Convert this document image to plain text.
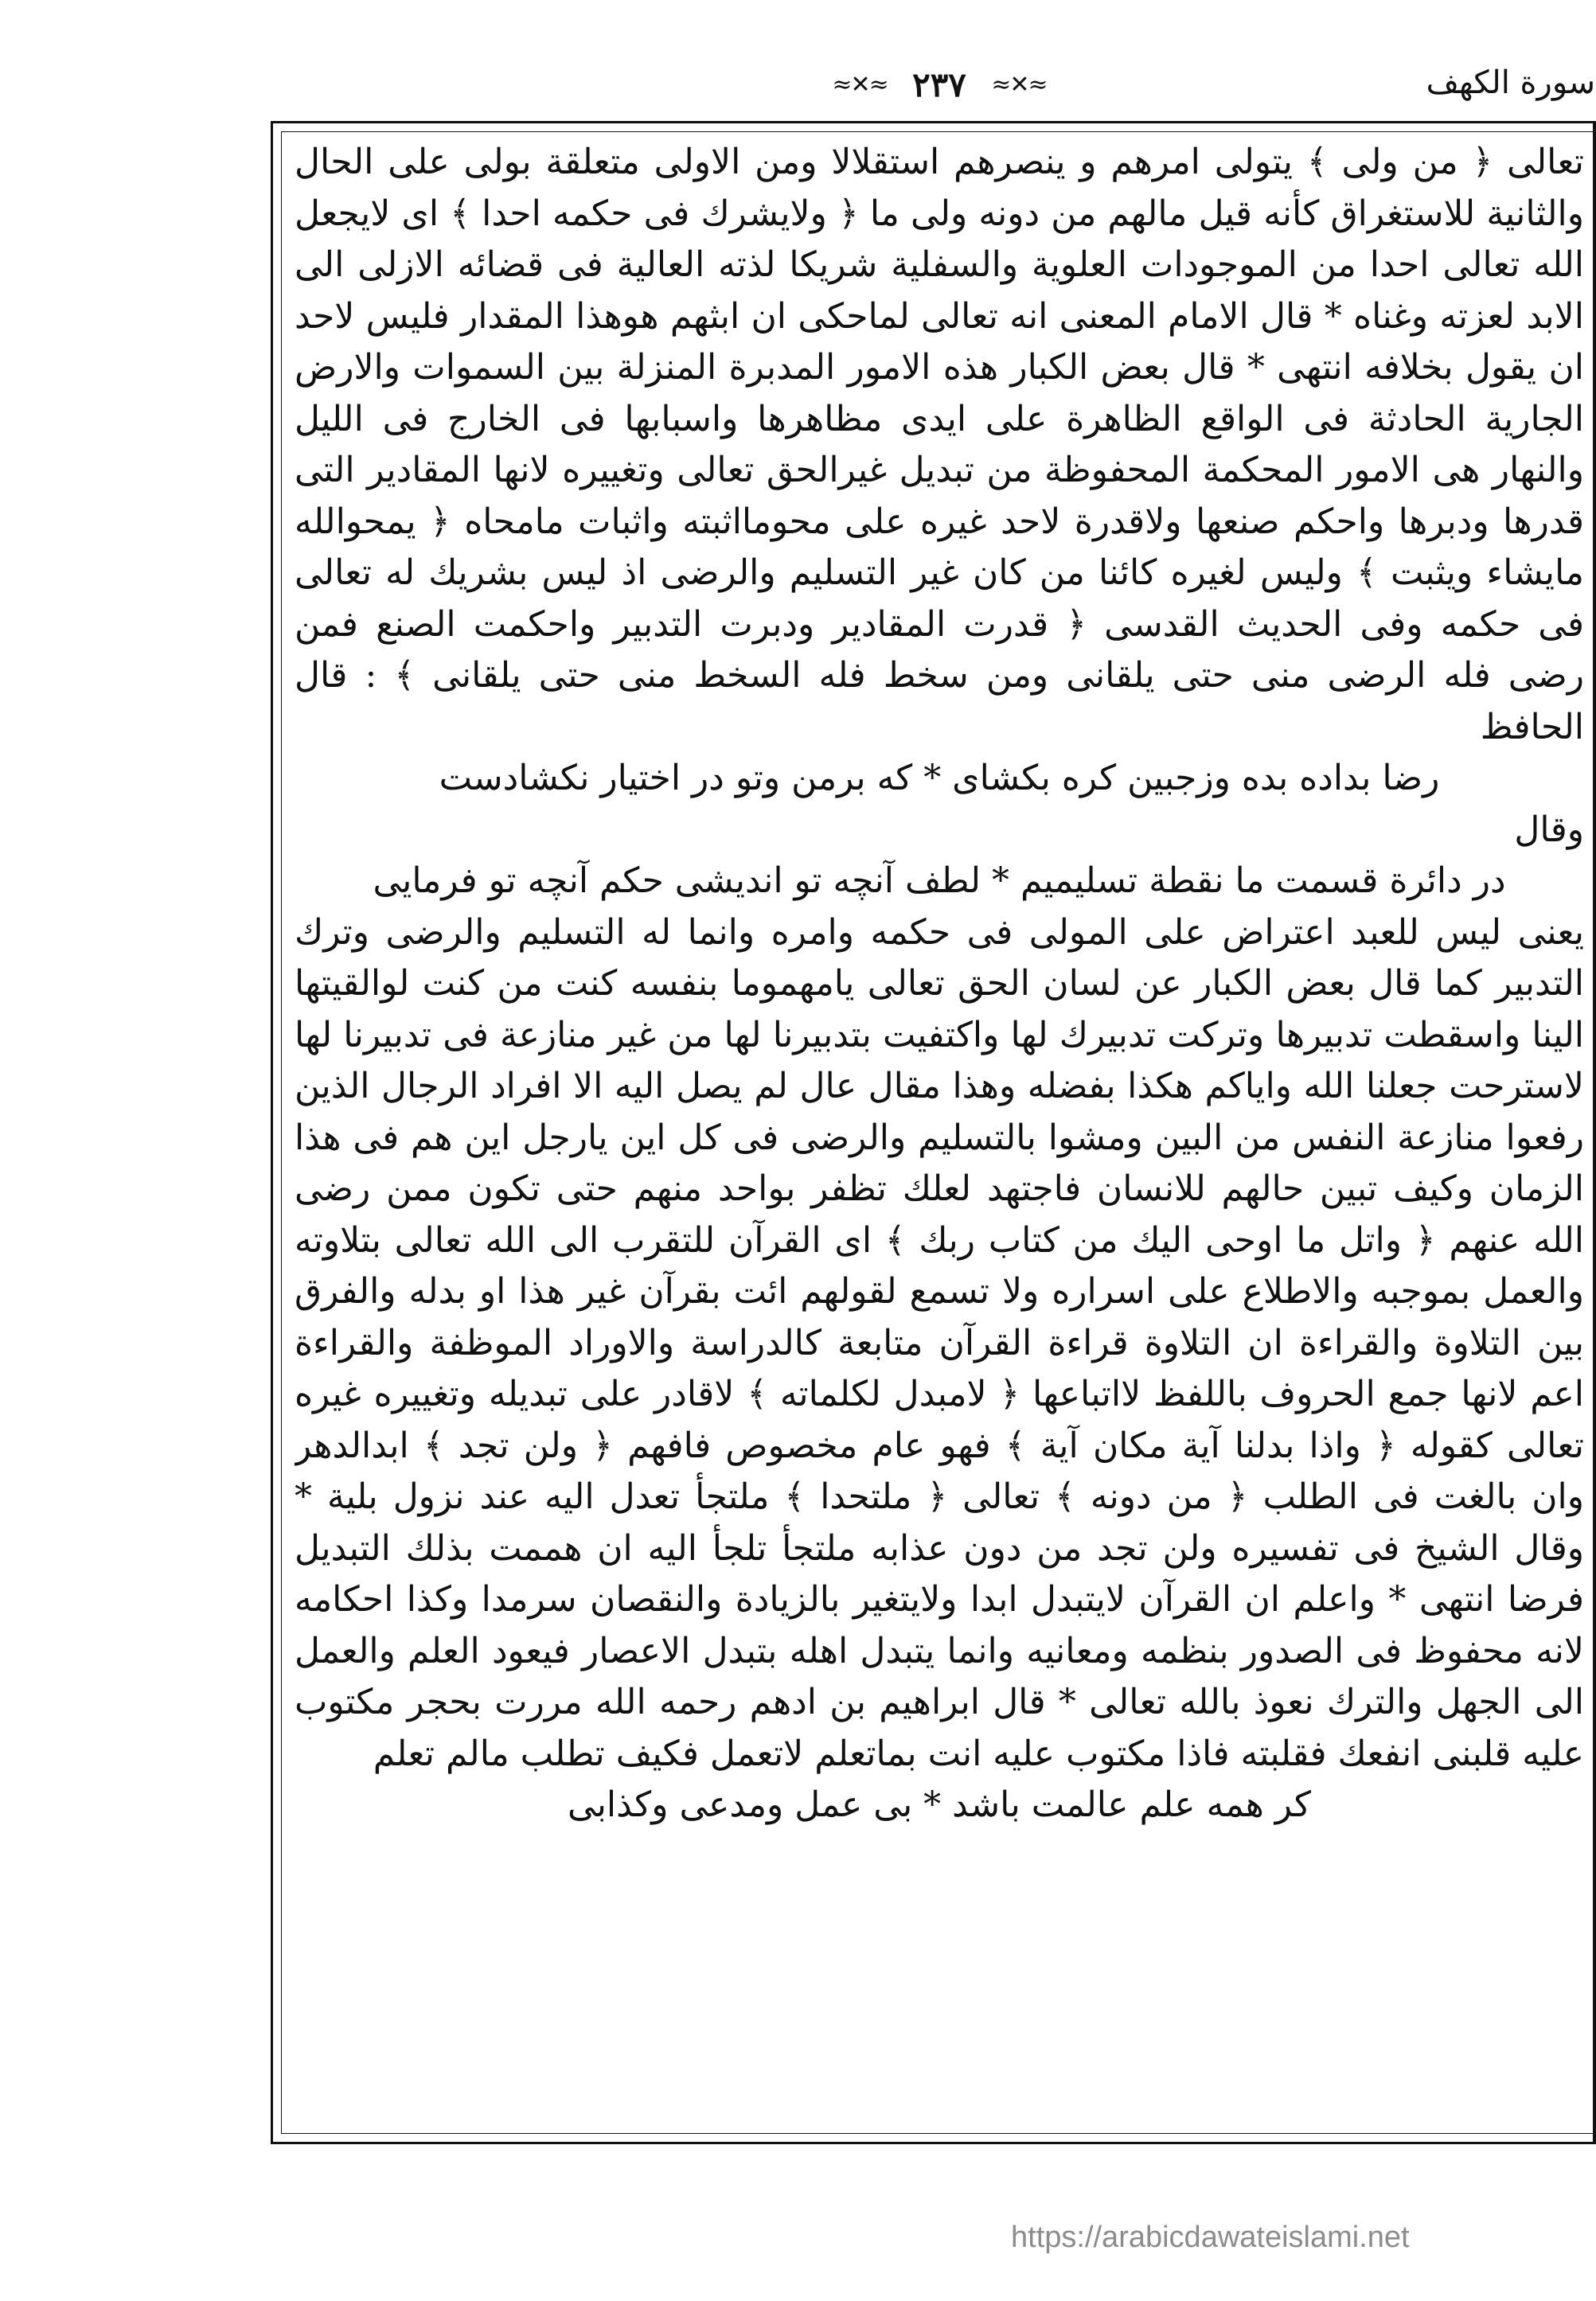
≈✕≈ ٢٣٧ ≈✕≈	سورة الكهف

تعالى ﴿ من ولى ﴾ يتولى امرهم و ينصرهم استقلالا ومن الاولى متعلقة بولى على الحال والثانية للاستغراق كأنه قيل مالهم من دونه ولى ما ﴿ ولايشرك فى حكمه احدا ﴾ اى لايجعل الله تعالى احدا من الموجودات العلوية والسفلية شريكا لذته العالية فى قضائه الازلى الى الابد لعزته وغناه * قال الامام المعنى انه تعالى لماحكى ان ابثهم هوهذا المقدار فليس لاحد ان يقول بخلافه انتهى * قال بعض الكبار هذه الامور المدبرة المنزلة بين السموات والارض الجارية الحادثة فى الواقع الظاهرة على ايدى مظاهرها واسبابها فى الخارج فى الليل والنهار هى الامور المحكمة المحفوظة من تبديل غيرالحق تعالى وتغييره لانها المقادير التى قدرها ودبرها واحكم صنعها ولاقدرة لاحد غيره على محومااثبته واثبات مامحاه ﴿ يمحوالله مايشاء ويثبت ﴾ وليس لغيره كائنا من كان غير التسليم والرضى اذ ليس بشريك له تعالى فى حكمه وفى الحديث القدسى ﴿ قدرت المقادير ودبرت التدبير واحكمت الصنع فمن رضى فله الرضى منى حتى يلقانى ومن سخط فله السخط منى حتى يلقانى ﴾ : قال الحافظ

رضا بداده بده وزجبين كره بكشاى * كه برمن وتو در اختيار نكشادست

وقال

در دائرة قسمت ما نقطة تسليميم * لطف آنچه تو انديشى حكم آنچه تو فرمايى

يعنى ليس للعبد اعتراض على المولى فى حكمه وامره وانما له التسليم والرضى وترك التدبير كما قال بعض الكبار عن لسان الحق تعالى يامهموما بنفسه كنت من كنت لوالقيتها الينا واسقطت تدبيرها وتركت تدبيرك لها واكتفيت بتدبيرنا لها من غير منازعة فى تدبيرنا لها لاسترحت جعلنا الله واياكم هكذا بفضله وهذا مقال عال لم يصل اليه الا افراد الرجال الذين رفعوا منازعة النفس من البين ومشوا بالتسليم والرضى فى كل اين يارجل اين هم فى هذا الزمان وكيف تبين حالهم للانسان فاجتهد لعلك تظفر بواحد منهم حتى تكون ممن رضى الله عنهم ﴿ واتل ما اوحى اليك من كتاب ربك ﴾ اى القرآن للتقرب الى الله تعالى بتلاوته والعمل بموجبه والاطلاع على اسراره ولا تسمع لقولهم ائت بقرآن غير هذا او بدله والفرق بين التلاوة والقراءة ان التلاوة قراءة القرآن متابعة كالدراسة والاوراد الموظفة والقراءة اعم لانها جمع الحروف باللفظ لااتباعها ﴿ لامبدل لكلماته ﴾ لاقادر على تبديله وتغييره غيره تعالى كقوله ﴿ واذا بدلنا آية مكان آية ﴾ فهو عام مخصوص فافهم ﴿ ولن تجد ﴾ ابدالدهر وان بالغت فى الطلب ﴿ من دونه ﴾ تعالى ﴿ ملتحدا ﴾ ملتجأ تعدل اليه عند نزول بلية * وقال الشيخ فى تفسيره ولن تجد من دون عذابه ملتجأ تلجأ اليه ان هممت بذلك التبديل فرضا انتهى * واعلم ان القرآن لايتبدل ابدا ولايتغير بالزيادة والنقصان سرمدا وكذا احكامه لانه محفوظ فى الصدور بنظمه ومعانيه وانما يتبدل اهله بتبدل الاعصار فيعود العلم والعمل الى الجهل والترك نعوذ بالله تعالى * قال ابراهيم بن ادهم رحمه الله مررت بحجر مكتوب عليه قلبنى انفعك فقلبته فاذا مكتوب عليه انت بماتعلم لاتعمل فكيف تطلب مالم تعلم

كر همه علم عالمت باشد * بى عمل ومدعى وكذابى

https://arabicdawateislami.net
